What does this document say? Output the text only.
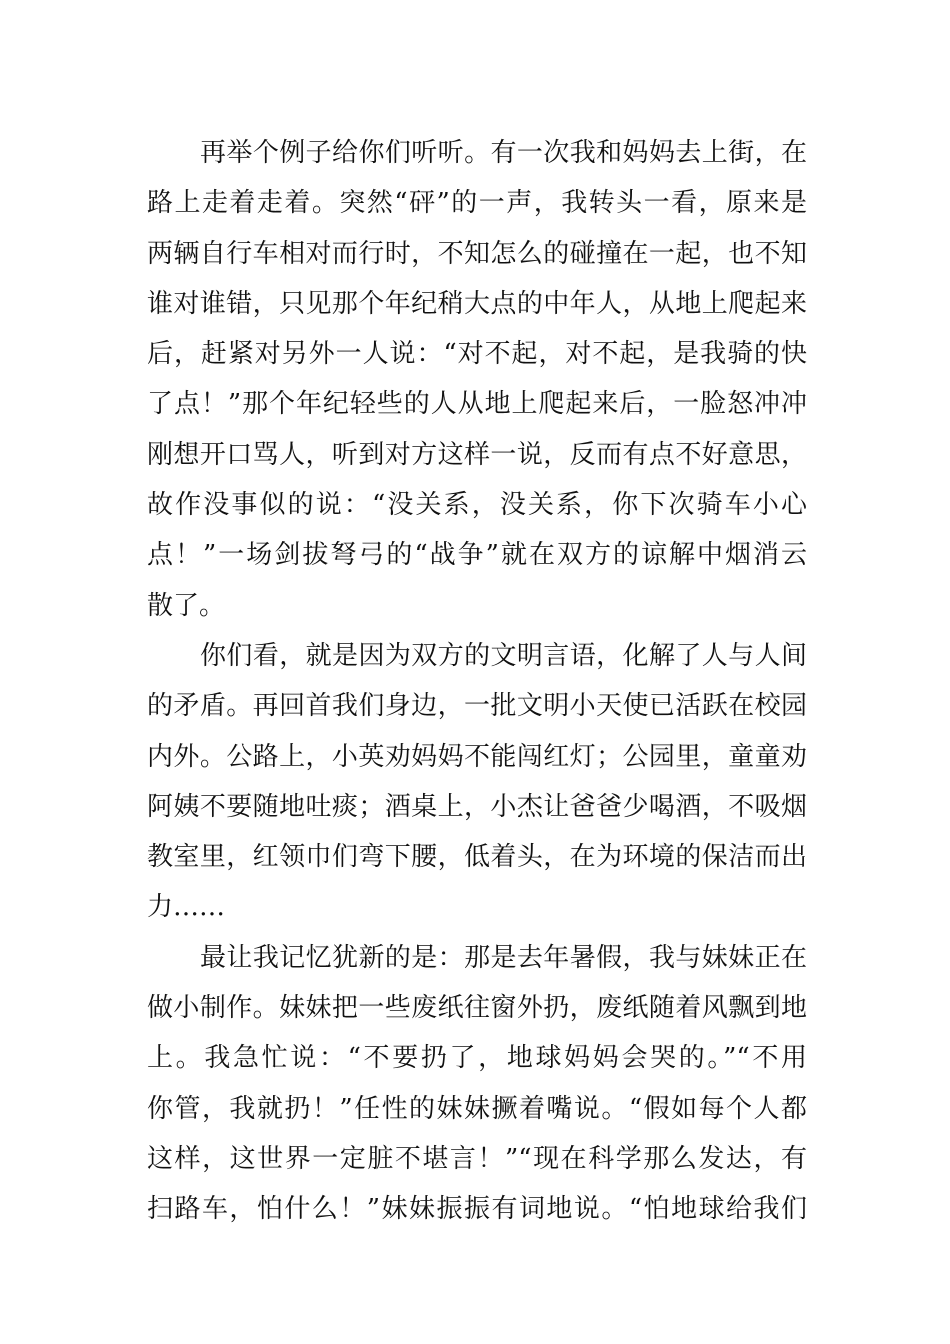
再举个例子给你们听听。有一次我和妈妈去上街，在
路上走着走着。突然“砰”的一声，我转头一看，原来是
两辆自行车相对而行时，不知怎么的碰撞在一起，也不知
谁对谁错，只见那个年纪稍大点的中年人，从地上爬起来
后，赶紧对另外一人说：“对不起，对不起，是我骑的快
了点！”那个年纪轻些的人从地上爬起来后，一脸怒冲冲
刚想开口骂人，听到对方这样一说，反而有点不好意思，
故作没事似的说：“没关系，没关系，你下次骑车小心
点！”一场剑拔弩弓的“战争”就在双方的谅解中烟消云
散了。
你们看，就是因为双方的文明言语，化解了人与人间
的矛盾。再回首我们身边，一批文明小天使已活跃在校园
内外。公路上，小英劝妈妈不能闯红灯；公园里，童童劝
阿姨不要随地吐痰；酒桌上，小杰让爸爸少喝酒，不吸烟
教室里，红领巾们弯下腰，低着头，在为环境的保洁而出
力……
最让我记忆犹新的是：那是去年暑假，我与妹妹正在
做小制作。妹妹把一些废纸往窗外扔，废纸随着风飘到地
上。我急忙说：“不要扔了，地球妈妈会哭的。”“不用
你管，我就扔！”任性的妹妹撅着嘴说。“假如每个人都
这样，这世界一定脏不堪言！”“现在科学那么发达，有
扫路车，怕什么！”妹妹振振有词地说。“怕地球给我们
